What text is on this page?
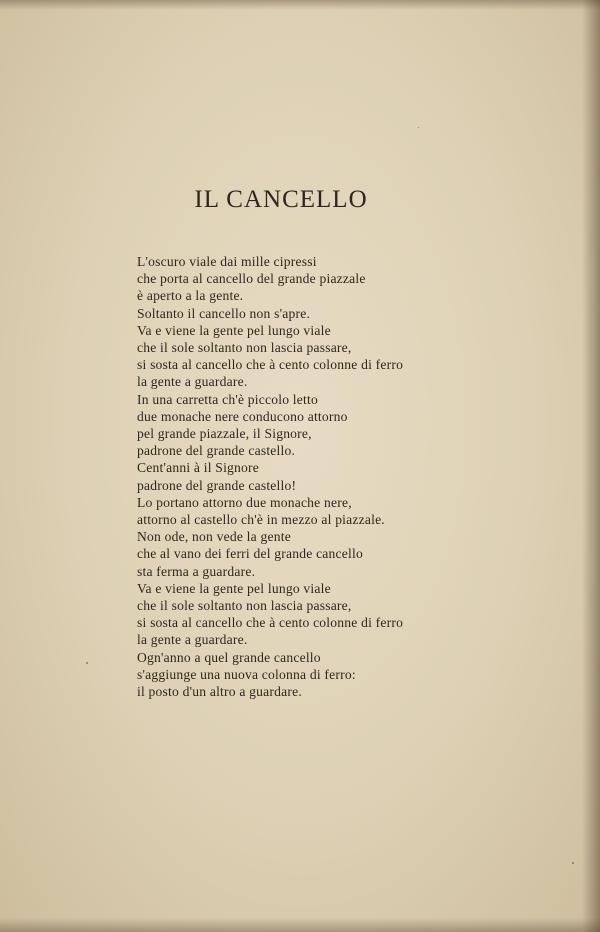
IL CANCELLO
L'oscuro viale dai mille cipressi
che porta al cancello del grande piazzale
è aperto a la gente.
Soltanto il cancello non s'apre.
Va e viene la gente pel lungo viale
che il sole soltanto non lascia passare,
si sosta al cancello che à cento colonne di ferro
la gente a guardare.
In una carretta ch'è piccolo letto
due monache nere conducono attorno
pel grande piazzale, il Signore,
padrone del grande castello.
Cent'anni à il Signore
padrone del grande castello!
Lo portano attorno due monache nere,
attorno al castello ch'è in mezzo al piazzale.
Non ode, non vede la gente
che al vano dei ferri del grande cancello
sta ferma a guardare.
Va e viene la gente pel lungo viale
che il sole soltanto non lascia passare,
si sosta al cancello che à cento colonne di ferro
la gente a guardare.
Ogn'anno a quel grande cancello
s'aggiunge una nuova colonna di ferro:
il posto d'un altro a guardare.
